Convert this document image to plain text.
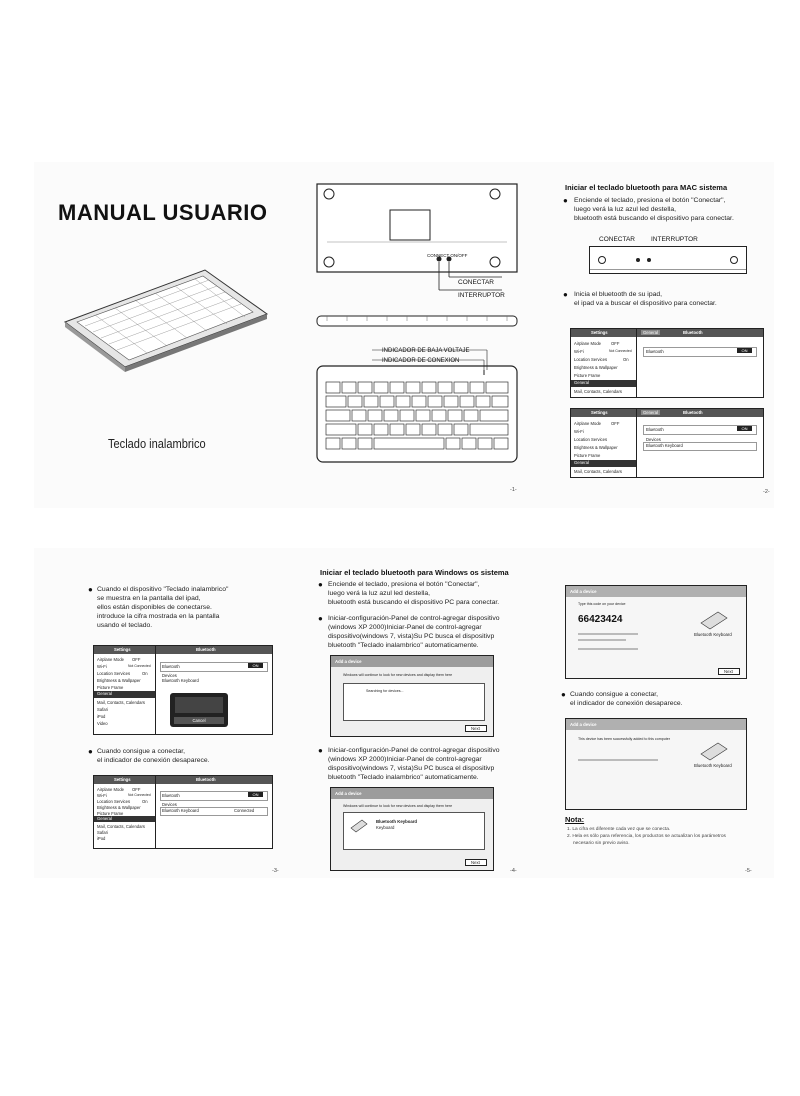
MANUAL USUARIO
Teclado inalambrico
CONNECT ON/OFF
CONECTAR
INTERRUPTOR
INDICADOR DE BAJA VOLTAJE
INDICADOR DE CONEXION
-1-
Iniciar el teclado bluetooth para MAC sistema
● Enciende el teclado, presiona el botón "Conectar",
luego verá la luz azul led destella,
bluetooth está buscando el dispositivo para conectar.
CONECTAR INTERRUPTOR
● Inicia el bluetooth de su ipad,
el ipad va a buscar el dispositivo para conectar.
Settings	General	Bluetooth
Airplane Mode OFF
Wi-Fi	Not Connected
Location Services	On
Brightness & Wallpaper
Picture Frame
General
Mail, Contacts, Calendars
Bluetooth	ON
Settings	General	Bluetooth
Airplane Mode OFF
Wi-Fi
Location Services
Brightness & Wallpaper
Picture Frame
General
Mail, Contacts, Calendars
Bluetooth	ON
Devices
Bluetooth Keyboard
-2-
● Cuando el dispositivo "Teclado inalambrico"
se muestra en la pantalla del ipad,
ellos están disponibles de conectarse.
introduce la cifra mostrada en la pantalla
usando el teclado.
Settings	Bluetooth
Airplane Mode OFF
Wi-Fi	Not Connected
Location Services	On
Brightness & Wallpaper
Picture Frame
General
Mail, Contacts, Calendars
Safari
iPod
Video
Bluetooth	ON
Devices
Bluetooth Keyboard
Cancel
● Cuando consigue a conectar,
el indicador de conexión desaparece.
Settings	Bluetooth
Airplane Mode OFF
Wi-Fi	Not Connected
Location Services	On
Brightness & Wallpaper
Picture Frame
General
Mail, Contacts, Calendars
Safari
iPod
Bluetooth	ON
Devices
Bluetooth Keyboard	Connected
-3-
Iniciar el teclado bluetooth para Windows os sistema
● Enciende el teclado, presiona el botón "Conectar",
luego verá la luz azul led destella,
bluetooth está buscando el dispositivo PC para conectar.
● Iniciar-configuración-Panel de control-agregar dispositivo
(windows XP 2000)Iniciar-Panel de control-agregar
dispositivo(windows 7, vista)Su PC busca el dispositivp
bluetooth "Teclado inalambrico" automaticamente.
Add a device
Windows will continue to look for new devices and display them here
Searching for devices...
Next
● Iniciar-configuración-Panel de control-agregar dispositivo
(windows XP 2000)Iniciar-Panel de control-agregar
dispositivo(windows 7, vista)Su PC busca el dispositivp
bluetooth "Teclado inalambrico" automaticamente.
Add a device
Windows will continue to look for new devices and display them here
Bluetooth Keyboard
Keyboard
Next
-4-
Add a device
Type this code on your device
66423424
Bluetooth Keyboard
Next
● Cuando consigue a conectar,
el indicador de conexión desaparece.
Add a device
This device has been successfully added to this computer
Bluetooth Keyboard
Nota:
1. La cifra es diferente cada vez que se conecta.
2. Hela es sólo para referencia, los productos se actualizan los parámetros
necesario sin previo aviso.
-5-
